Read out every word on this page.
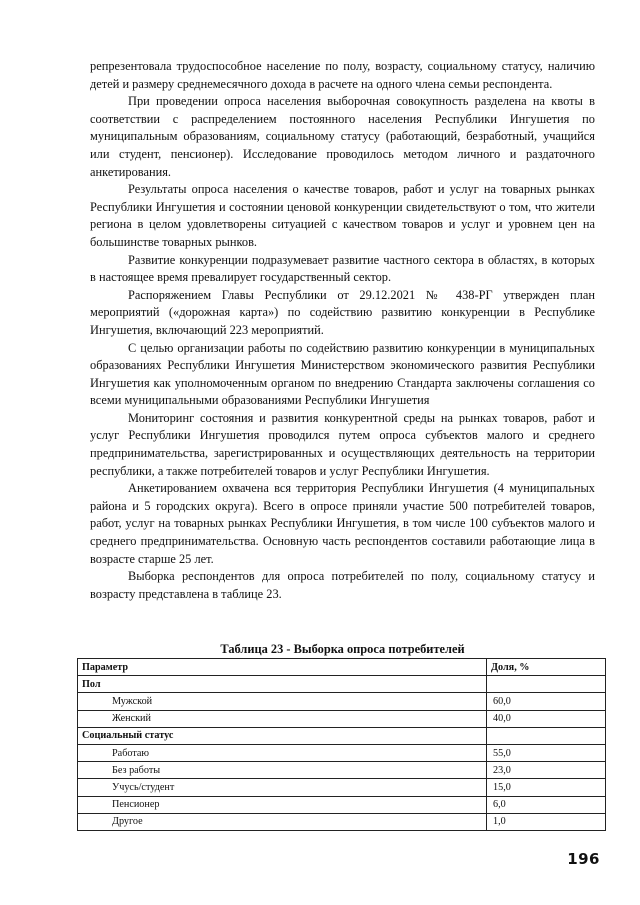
репрезентовала трудоспособное население по полу, возрасту, социальному статусу, наличию детей и размеру среднемесячного дохода в расчете на одного члена семьи респондента.

При проведении опроса населения выборочная совокупность разделена на квоты в соответствии с распределением постоянного населения Республики Ингушетия по муниципальным образованиям, социальному статусу (работающий, безработный, учащийся или студент, пенсионер). Исследование проводилось методом личного и раздаточного анкетирования.

Результаты опроса населения о качестве товаров, работ и услуг на товарных рынках Республики Ингушетия и состоянии ценовой конкуренции свидетельствуют о том, что жители региона в целом удовлетворены ситуацией с качеством товаров и услуг и уровнем цен на большинстве товарных рынков.

Развитие конкуренции подразумевает развитие частного сектора в областях, в которых в настоящее время превалирует государственный сектор.

Распоряжением Главы Республики от 29.12.2021 № 438-РГ утвержден план мероприятий («дорожная карта») по содействию развитию конкуренции в Республике Ингушетия, включающий 223 мероприятий.

С целью организации работы по содействию развитию конкуренции в муниципальных образованиях Республики Ингушетия Министерством экономического развития Республики Ингушетия как уполномоченным органом по внедрению Стандарта заключены соглашения со всеми муниципальными образованиями Республики Ингушетия

Мониторинг состояния и развития конкурентной среды на рынках товаров, работ и услуг Республики Ингушетия проводился путем опроса субъектов малого и среднего предпринимательства, зарегистрированных и осуществляющих деятельность на территории республики, а также потребителей товаров и услуг Республики Ингушетия.

Анкетированием охвачена вся территория Республики Ингушетия (4 муниципальных района и 5 городских округа). Всего в опросе приняли участие 500 потребителей товаров, работ, услуг на товарных рынках Республики Ингушетия, в том числе 100 субъектов малого и среднего предпринимательства. Основную часть респондентов составили работающие лица в возрасте старше 25 лет.

Выборка респондентов для опроса потребителей по полу, социальному статусу и возрасту представлена в таблице 23.

Таблица 23 - Выборка опроса потребителей
Параметр	Доля, %
Пол	
Мужской	60,0
Женский	40,0
Социальный статус	
Работаю	55,0
Без работы	23,0
Учусь/студент	15,0
Пенсионер	6,0
Другое	1,0
196
